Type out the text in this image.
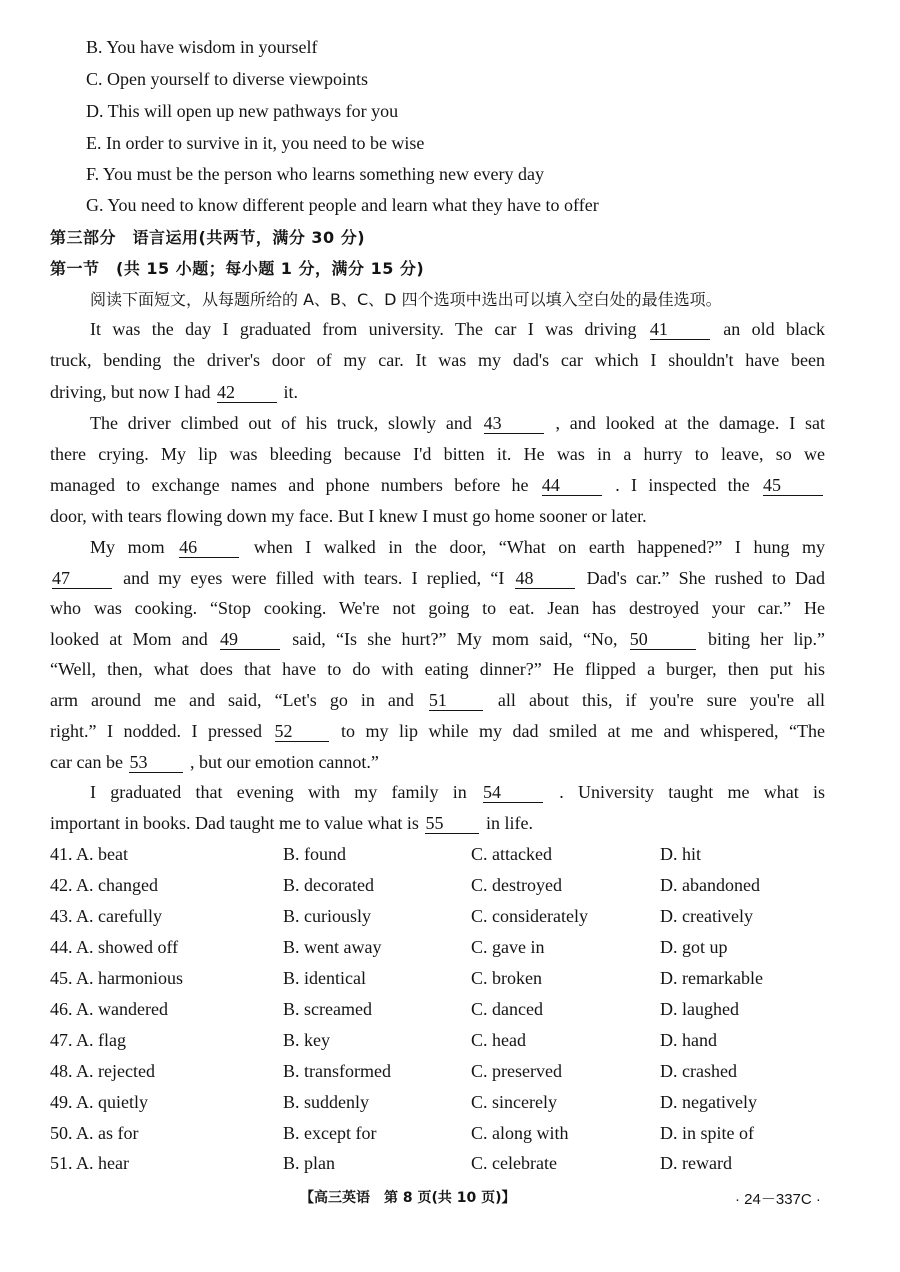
B. You have wisdom in yourself
C. Open yourself to diverse viewpoints
D. This will open up new pathways for you
E. In order to survive in it, you need to be wise
F. You must be the person who learns something new every day
G. You need to know different people and learn what they have to offer
第三部分　语言运用(共两节，满分 30 分)
第一节　(共 15 小题；每小题 1 分，满分 15 分)
阅读下面短文，从每题所给的 A、B、C、D 四个选项中选出可以填入空白处的最佳选项。
It was the day I graduated from university. The car I was driving 41	an old black
truck, bending the driver's door of my car. It was my dad's car which I shouldn't have been
driving, but now I had 42	it.
The driver climbed out of his truck, slowly and 43	, and looked at the damage. I sat
there crying. My lip was bleeding because I'd bitten it. He was in a hurry to leave, so we
managed to exchange names and phone numbers before he 44	. I inspected the 45
door, with tears flowing down my face. But I knew I must go home sooner or later.
My mom 46	when I walked in the door, “What on earth happened?” I hung my
47	and my eyes were filled with tears. I replied, “I 48	Dad's car.” She rushed to Dad
who was cooking. “Stop cooking. We're not going to eat. Jean has destroyed your car.” He
looked at Mom and 49	said, “Is she hurt?” My mom said, “No, 50	biting her lip.”
“Well, then, what does that have to do with eating dinner?” He flipped a burger, then put his
arm around me and said, “Let's go in and 51	all about this, if you're sure you're all
right.” I nodded. I pressed 52	to my lip while my dad smiled at me and whispered, “The
car can be 53 , but our emotion cannot.”
I graduated that evening with my family in 54	. University taught me what is
important in books. Dad taught me to value what is 55 in life.
41. A. beat	B. found	C. attacked	D. hit
42. A. changed	B. decorated	C. destroyed	D. abandoned
43. A. carefully	B. curiously	C. considerately	D. creatively
44. A. showed off	B. went away	C. gave in	D. got up
45. A. harmonious	B. identical	C. broken	D. remarkable
46. A. wandered	B. screamed	C. danced	D. laughed
47. A. flag	B. key	C. head	D. hand
48. A. rejected	B. transformed	C. preserved	D. crashed
49. A. quietly	B. suddenly	C. sincerely	D. negatively
50. A. as for	B. except for	C. along with	D. in spite of
51. A. hear	B. plan	C. celebrate	D. reward
【高三英语　第 8 页(共 10 页)】	· 24－337C ·
